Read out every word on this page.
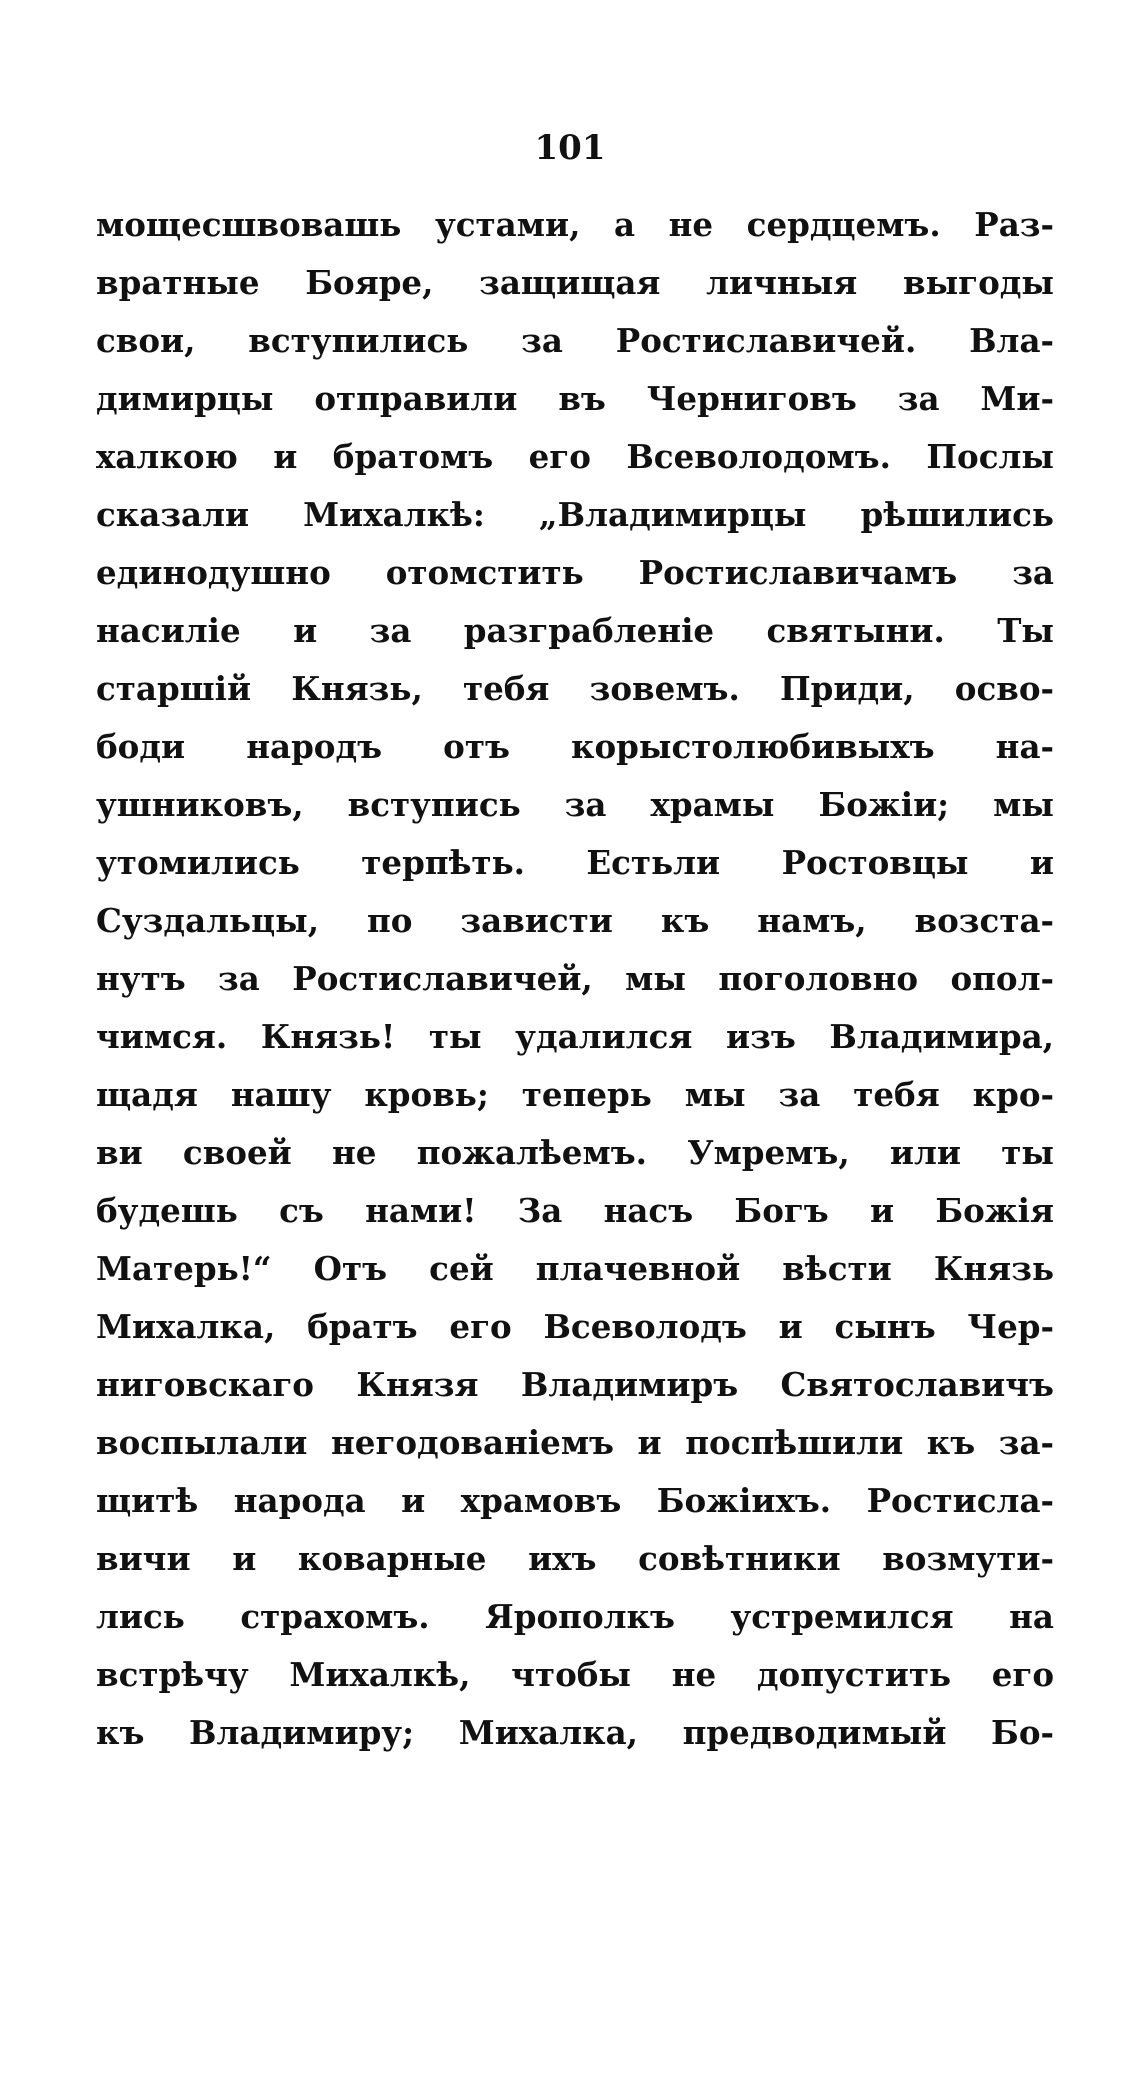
101
мощесшвовашь устами, а не сердцемъ. Раз-
вратные Бояре, защищая личныя выгоды
свои, вступились за Ростиславичей. Вла-
димирцы отправили въ Черниговъ за Ми-
халкою и братомъ его Всеволодомъ. Послы
сказали Михалкѣ: „Владимирцы рѣшились
единодушно отомстить Ростиславичамъ за
насиліе и за разграбленіе святыни. Ты
старшій Князь, тебя зовемъ. Приди, осво-
боди народъ отъ корыстолюбивыхъ на-
ушниковъ, вступись за храмы Божіи; мы
утомились терпѣть. Естьли Ростовцы и
Суздальцы, по зависти къ намъ, возста-
нутъ за Ростиславичей, мы поголовно опол-
чимся. Князь! ты удалился изъ Владимира,
щадя нашу кровь; теперь мы за тебя кро-
ви своей не пожалѣемъ. Умремъ, или ты
будешь съ нами! За насъ Богъ и Божія
Матерь!“ Отъ сей плачевной вѣсти Князь
Михалка, братъ его Всеволодъ и сынъ Чер-
ниговскаго Князя Владимиръ Святославичъ
воспылали негодованіемъ и поспѣшили къ за-
щитѣ народа и храмовъ Божіихъ. Ростисла-
вичи и коварные ихъ совѣтники возмути-
лись страхомъ. Ярополкъ устремился на
встрѣчу Михалкѣ, чтобы не допустить его
къ Владимиру; Михалка, предводимый Бо-
